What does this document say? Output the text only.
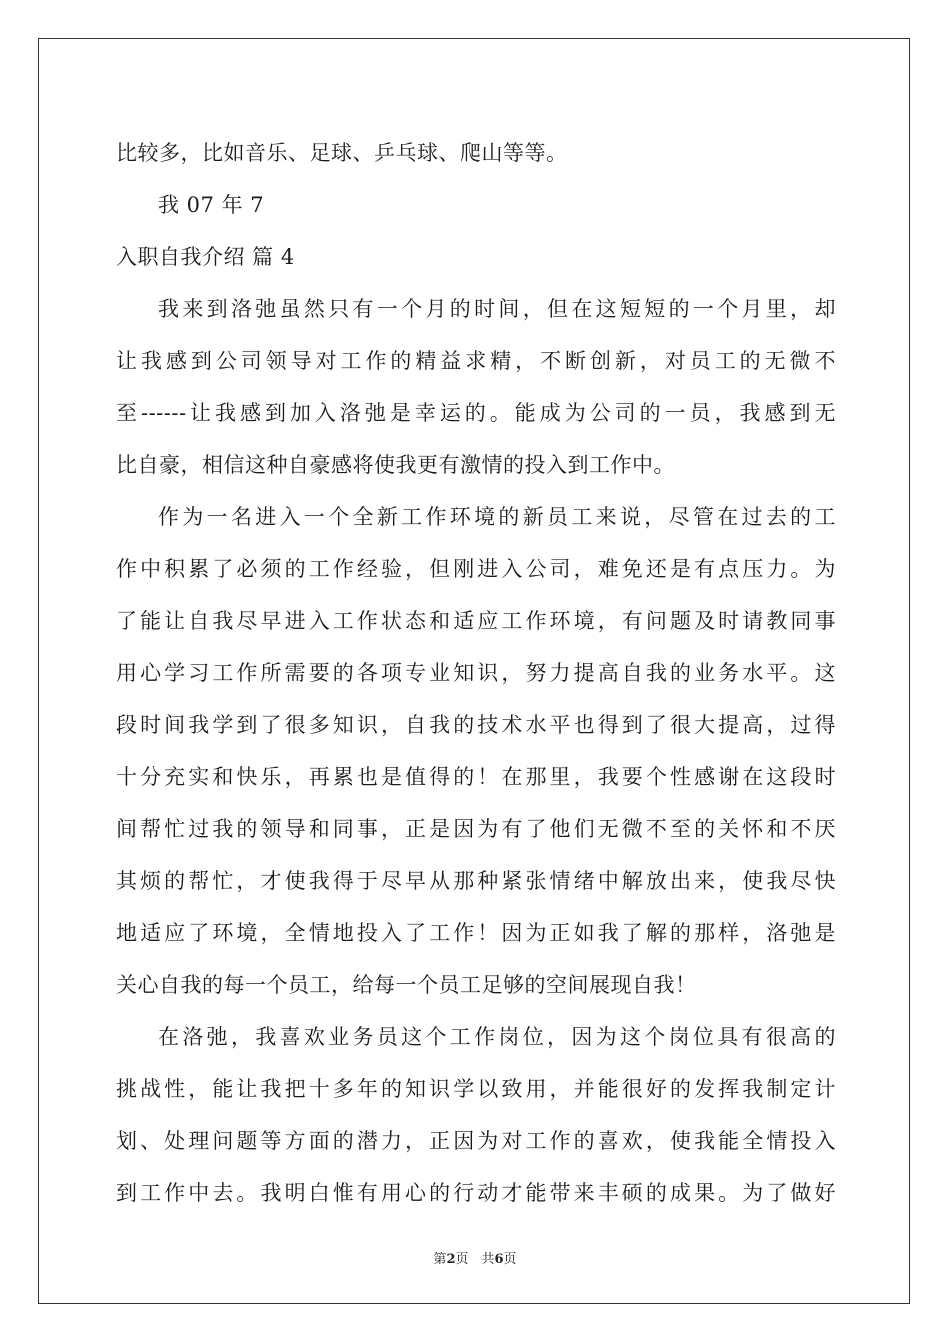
比较多，比如音乐、足球、乒乓球、爬山等等。
我 07 年 7
入职自我介绍 篇 4
我来到洛弛虽然只有一个月的时间，但在这短短的一个月里，却
让我感到公司领导对工作的精益求精，不断创新，对员工的无微不
至------让我感到加入洛弛是幸运的。能成为公司的一员，我感到无
比自豪，相信这种自豪感将使我更有激情的投入到工作中。
作为一名进入一个全新工作环境的新员工来说，尽管在过去的工
作中积累了必须的工作经验，但刚进入公司，难免还是有点压力。为
了能让自我尽早进入工作状态和适应工作环境，有问题及时请教同事
用心学习工作所需要的各项专业知识，努力提高自我的业务水平。这
段时间我学到了很多知识，自我的技术水平也得到了很大提高，过得
十分充实和快乐，再累也是值得的！在那里，我要个性感谢在这段时
间帮忙过我的领导和同事，正是因为有了他们无微不至的关怀和不厌
其烦的帮忙，才使我得于尽早从那种紧张情绪中解放出来，使我尽快
地适应了环境，全情地投入了工作！因为正如我了解的那样，洛弛是
关心自我的每一个员工，给每一个员工足够的空间展现自我！
在洛弛，我喜欢业务员这个工作岗位，因为这个岗位具有很高的
挑战性，能让我把十多年的知识学以致用，并能很好的发挥我制定计
划、处理问题等方面的潜力，正因为对工作的喜欢，使我能全情投入
到工作中去。我明白惟有用心的行动才能带来丰硕的成果。为了做好
第2页　共6页
